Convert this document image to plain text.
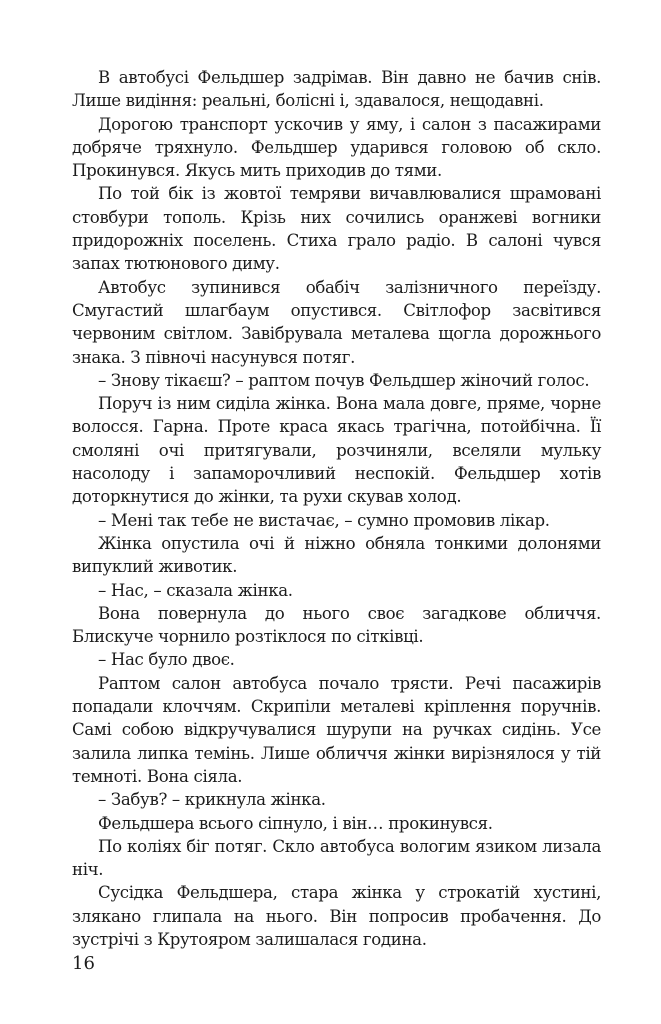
В автобусі Фельдшер задрімав. Він давно не бачив снів. Лише видіння: реальні, болісні і, здавалося, нещодавні.

Дорогою транспорт ускочив у яму, і салон з пасажирами добряче тряхнуло. Фельдшер ударився головою об скло. Прокинувся. Якусь мить приходив до тями.

По той бік із жовтої темряви вичавлювалися шрамовані стовбури тополь. Крізь них сочились оранжеві вогники придорожніх поселень. Стиха грало радіо. В салоні чувся запах тютюнового диму.

Автобус зупинився обабіч залізничного переїзду. Смугастий шлагбаум опустився. Світлофор засвітився червоним світлом. Завібрувала металева щогла дорожнього знака. З півночі насунувся потяг.

– Знову тікаєш? – раптом почув Фельдшер жіночий голос.

Поруч із ним сиділа жінка. Вона мала довге, пряме, чорне волосся. Гарна. Проте краса якась трагічна, потойбічна. Її смоляні очі притягували, розчиняли, вселяли мульку насолоду і запаморочливий неспокій. Фельдшер хотів доторкнутися до жінки, та рухи скував холод.

– Мені так тебе не вистачає, – сумно промовив лікар.

Жінка опустила очі й ніжно обняла тонкими долонями випуклий животик.

– Нас, – сказала жінка.

Вона повернула до нього своє загадкове обличчя. Блискуче чорнило розтіклося по сітківці.

– Нас було двоє.

Раптом салон автобуса почало трясти. Речі пасажирів попадали клоччям. Скрипіли металеві кріплення поручнів. Самі собою відкручувалися шурупи на ручках сидінь. Усе залила липка темінь. Лише обличчя жінки вирізнялося у тій темноті. Вона сіяла.

– Забув? – крикнула жінка.

Фельдшера всього сіпнуло, і він… прокинувся.

По коліях біг потяг. Скло автобуса вологим язиком лизала ніч.

Сусідка Фельдшера, стара жінка у строкатій хустині, злякано глипала на нього. Він попросив пробачення. До зустрічі з Крутояром залишалася година.

16
